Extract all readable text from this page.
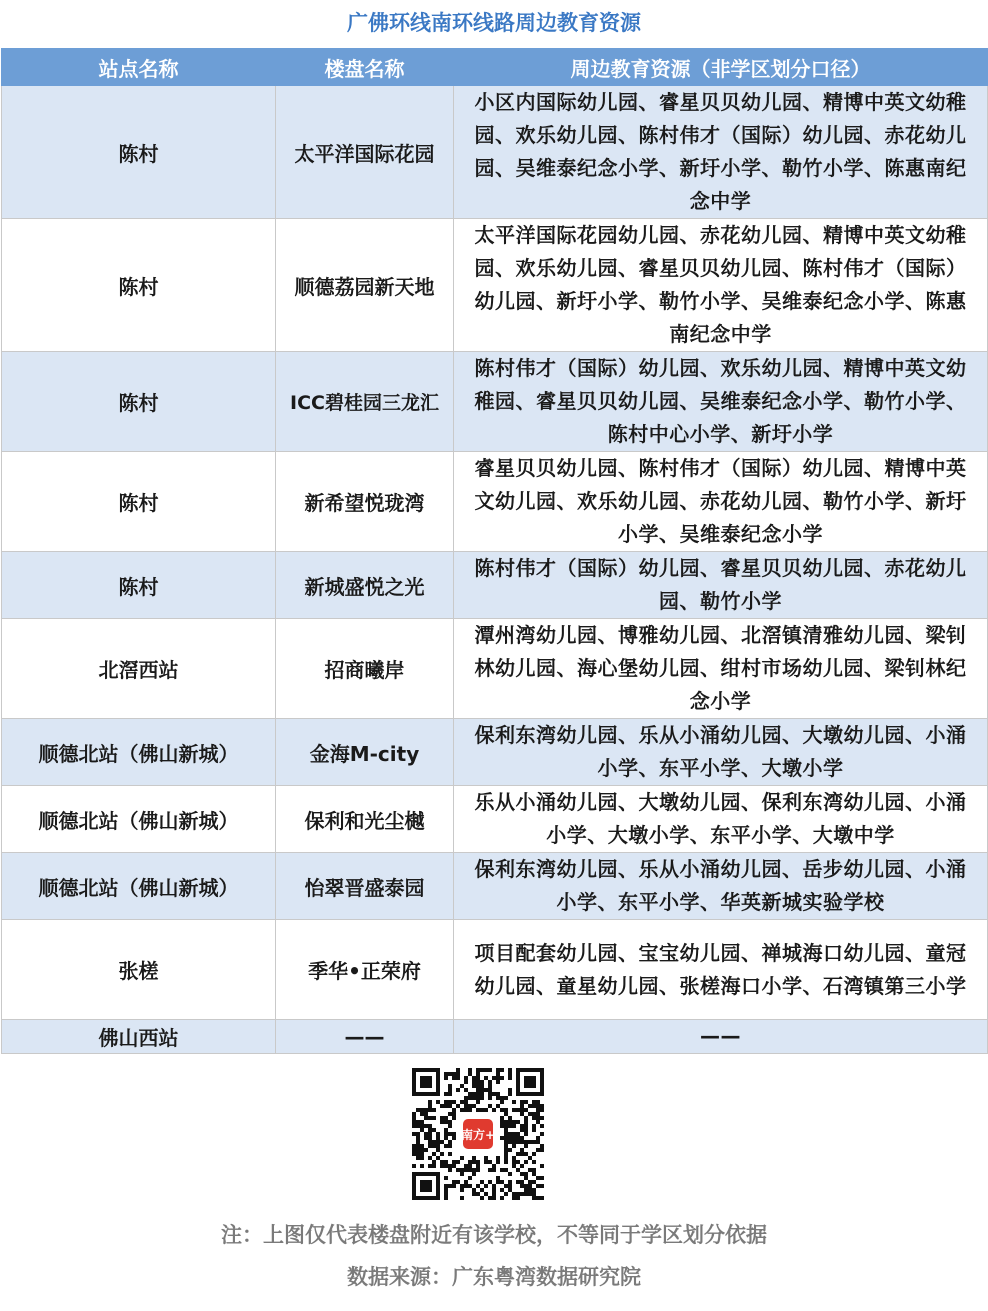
广佛环线南环线路周边教育资源
站点名称	楼盘名称	周边教育资源（非学区划分口径）
陈村	太平洋国际花园	小区内国际幼儿园、睿星贝贝幼儿园、精博中英文幼稚园、欢乐幼儿园、陈村伟才（国际）幼儿园、赤花幼儿园、吴维泰纪念小学、新圩小学、勒竹小学、陈惠南纪念中学
陈村	顺德荔园新天地	太平洋国际花园幼儿园、赤花幼儿园、精博中英文幼稚园、欢乐幼儿园、睿星贝贝幼儿园、陈村伟才（国际）幼儿园、新圩小学、勒竹小学、吴维泰纪念小学、陈惠南纪念中学
陈村	ICC碧桂园三龙汇	陈村伟才（国际）幼儿园、欢乐幼儿园、精博中英文幼稚园、睿星贝贝幼儿园、吴维泰纪念小学、勒竹小学、陈村中心小学、新圩小学
陈村	新希望悦珑湾	睿星贝贝幼儿园、陈村伟才（国际）幼儿园、精博中英文幼儿园、欢乐幼儿园、赤花幼儿园、勒竹小学、新圩小学、吴维泰纪念小学
陈村	新城盛悦之光	陈村伟才（国际）幼儿园、睿星贝贝幼儿园、赤花幼儿园、勒竹小学
北滘西站	招商曦岸	潭州湾幼儿园、博雅幼儿园、北滘镇清雅幼儿园、梁钊林幼儿园、海心堡幼儿园、绀村市场幼儿园、梁钊林纪念小学
顺德北站（佛山新城）	金海M-city	保利东湾幼儿园、乐从小涌幼儿园、大墩幼儿园、小涌小学、东平小学、大墩小学
顺德北站（佛山新城）	保利和光尘樾	乐从小涌幼儿园、大墩幼儿园、保利东湾幼儿园、小涌小学、大墩小学、东平小学、大墩中学
顺德北站（佛山新城）	怡翠晋盛泰园	保利东湾幼儿园、乐从小涌幼儿园、岳步幼儿园、小涌小学、东平小学、华英新城实验学校
张槎	季华•正荣府	项目配套幼儿园、宝宝幼儿园、禅城海口幼儿园、童冠幼儿园、童星幼儿园、张槎海口小学、石湾镇第三小学
佛山西站	——	——
南方+
注：上图仅代表楼盘附近有该学校，不等同于学区划分依据
数据来源：广东粤湾数据研究院
